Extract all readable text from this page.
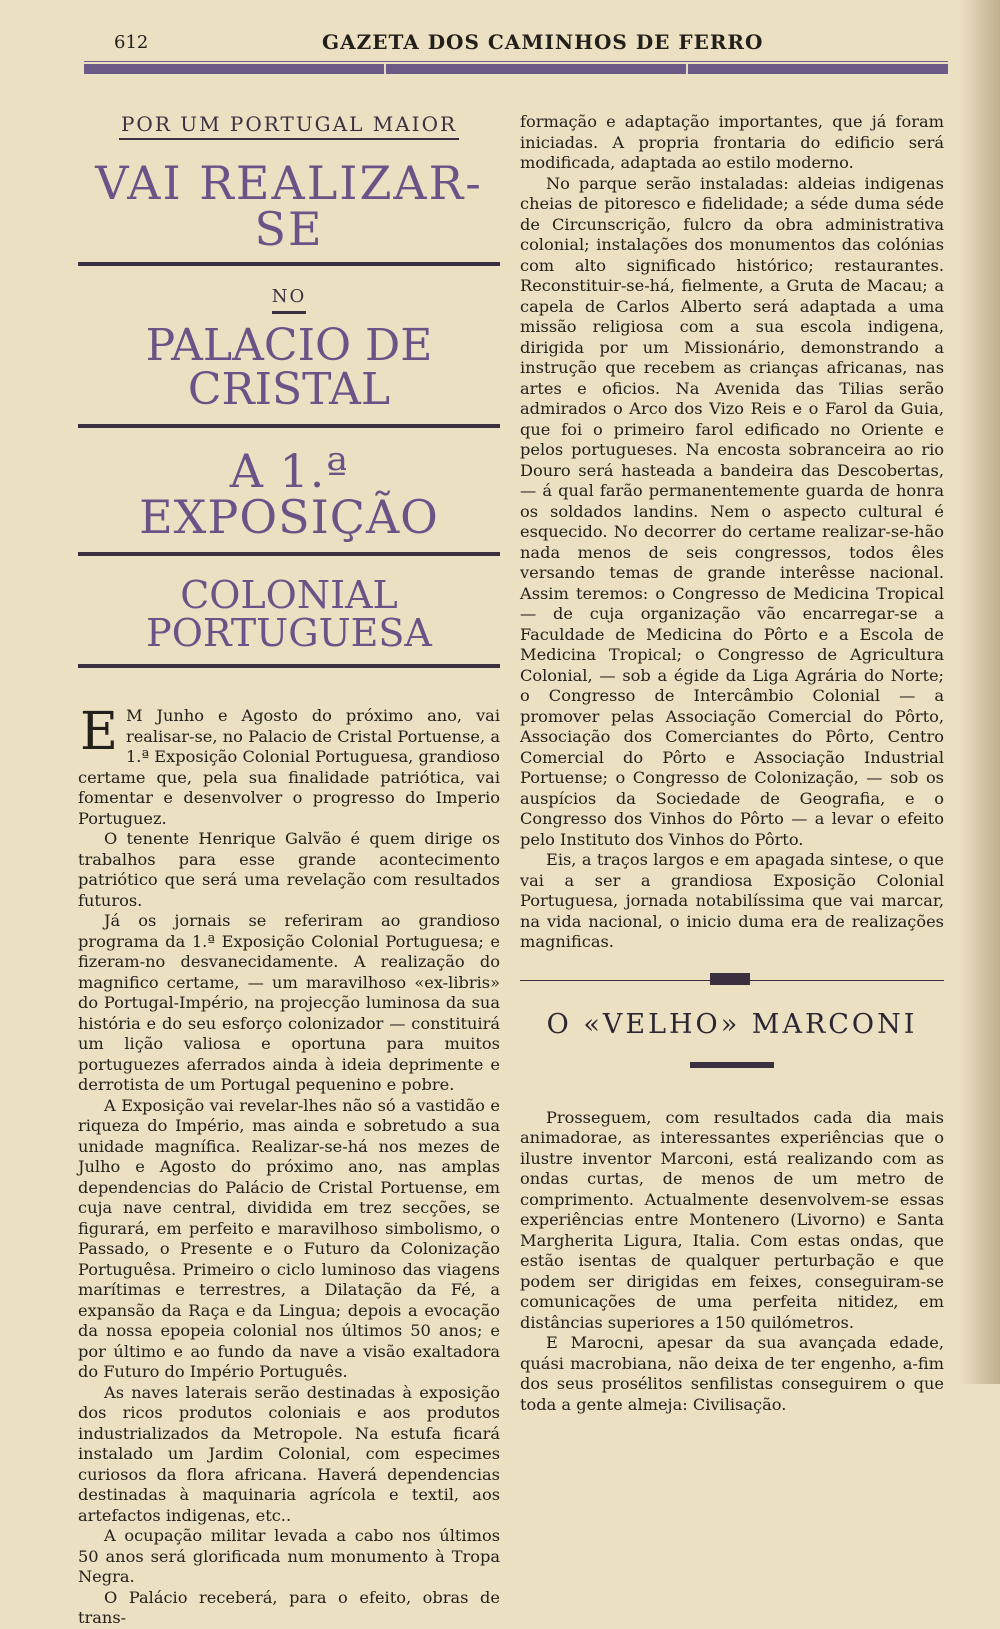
612	GAZETA DOS CAMINHOS DE FERRO
POR UM PORTUGAL MAIOR
VAI REALIZAR-SE
NO
PALACIO DE CRISTAL
A 1.ª EXPOSIÇÃO
COLONIAL PORTUGUESA
E M Junho e Agosto do próximo ano, vai realisar-se, no Palacio de Cristal Portuense, a 1.ª Exposição Colonial Portuguesa, grandioso certame que, pela sua finalidade patriótica, vai fomentar e desenvolver o progresso do Imperio Portuguez.

O tenente Henrique Galvão é quem dirige os trabalhos para esse grande acontecimento patriótico que será uma revelação com resultados futuros.

Já os jornais se referiram ao grandioso programa da 1.ª Exposição Colonial Portuguesa; e fizeram-no desvanecidamente. A realização do magnifico certame, — um maravilhoso «ex-libris» do Portugal-Império, na projecção luminosa da sua história e do seu esforço colonizador — constituirá um lição valiosa e oportuna para muitos portuguezes aferrados ainda à ideia deprimente e derrotista de um Portugal pequenino e pobre.

A Exposição vai revelar-lhes não só a vastidão e riqueza do Império, mas ainda e sobretudo a sua unidade magnífica. Realizar-se-há nos mezes de Julho e Agosto do próximo ano, nas amplas dependencias do Palácio de Cristal Portuense, em cuja nave central, dividida em trez secções, se figurará, em perfeito e maravilhoso simbolismo, o Passado, o Presente e o Futuro da Colonização Portuguêsa. Primeiro o ciclo luminoso das viagens marítimas e terrestres, a Dilatação da Fé, a expansão da Raça e da Lingua; depois a evocação da nossa epopeia colonial nos últimos 50 anos; e por último e ao fundo da nave a visão exaltadora do Futuro do Império Português.

As naves laterais serão destinadas à exposição dos ricos produtos coloniais e aos produtos industrializados da Metropole. Na estufa ficará instalado um Jardim Colonial, com especimes curiosos da flora africana. Haverá dependencias destinadas à maquinaria agrícola e textil, aos artefactos indigenas, etc..

A ocupação militar levada a cabo nos últimos 50 anos será glorificada num monumento à Tropa Negra.

O Palácio receberá, para o efeito, obras de trans-

formação e adaptação importantes, que já foram iniciadas. A propria frontaria do edificio será modificada, adaptada ao estilo moderno.

No parque serão instaladas: aldeias indigenas cheias de pitoresco e fidelidade; a séde duma séde de Circunscrição, fulcro da obra administrativa colonial; instalações dos monumentos das colónias com alto significado histórico; restaurantes. Reconstituir-se-há, fielmente, a Gruta de Macau; a capela de Carlos Alberto será adaptada a uma missão religiosa com a sua escola indigena, dirigida por um Missionário, demonstrando a instrução que recebem as crianças africanas, nas artes e oficios. Na Avenida das Tilias serão admirados o Arco dos Vizo Reis e o Farol da Guia, que foi o primeiro farol edificado no Oriente e pelos portugueses. Na encosta sobranceira ao rio Douro será hasteada a bandeira das Descobertas, — á qual farão permanentemente guarda de honra os soldados landins. Nem o aspecto cultural é esquecido. No decorrer do certame realizar-se-hão nada menos de seis congressos, todos êles versando temas de grande interêsse nacional. Assim teremos: o Congresso de Medicina Tropical — de cuja organização vão encarregar-se a Faculdade de Medicina do Pôrto e a Escola de Medicina Tropical; o Congresso de Agricultura Colonial, — sob a égide da Liga Agrária do Norte; o Congresso de Intercâmbio Colonial — a promover pelas Associação Comercial do Pôrto, Associação dos Comerciantes do Pôrto, Centro Comercial do Pôrto e Associação Industrial Portuense; o Congresso de Colonização, — sob os auspícios da Sociedade de Geografia, e o Congresso dos Vinhos do Pôrto — a levar o efeito pelo Instituto dos Vinhos do Pôrto.

Eis, a traços largos e em apagada sintese, o que vai a ser a grandiosa Exposição Colonial Portuguesa, jornada notabilíssima que vai marcar, na vida nacional, o inicio duma era de realizações magnificas.

O «VELHO» MARCONI

Prosseguem, com resultados cada dia mais animadorae, as interessantes experiências que o ilustre inventor Marconi, está realizando com as ondas curtas, de menos de um metro de comprimento. Actualmente desenvolvem-se essas experiências entre Montenero (Livorno) e Santa Margherita Ligura, Italia. Com estas ondas, que estão isentas de qualquer perturbação e que podem ser dirigidas em feixes, conseguiram-se comunicações de uma perfeita nitidez, em distâncias superiores a 150 quilómetros.

E Marocni, apesar da sua avançada edade, quási macrobiana, não deixa de ter engenho, a-fim dos seus prosélitos senfilistas conseguirem o que toda a gente almeja: Civilisação.
